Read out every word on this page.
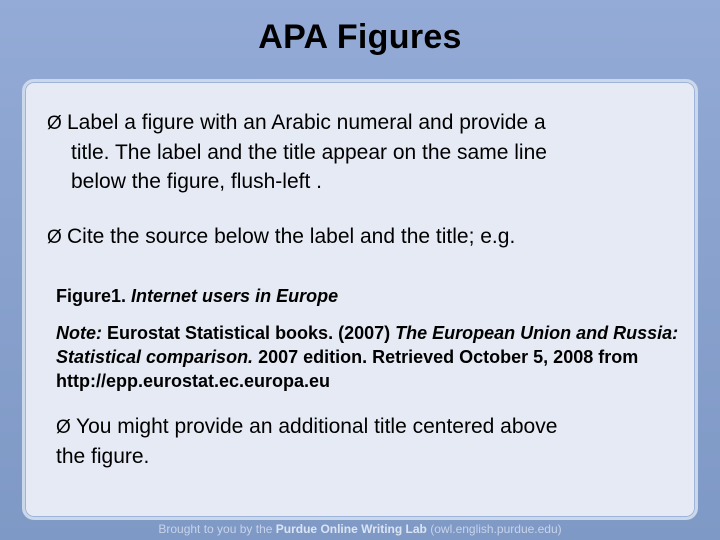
APA Figures
Ø Label a figure with an Arabic numeral and provide a
title. The label and the title appear on the same line
below the figure, flush-left .
Ø Cite the source below the label and the title; e.g.
Figure1. Internet users in Europe
Note: Eurostat Statistical books. (2007) The European Union and Russia: Statistical comparison. 2007 edition. Retrieved October 5, 2008 from http://epp.eurostat.ec.europa.eu
Ø You might provide an additional title centered above
the figure.
Brought to you by the Purdue Online Writing Lab (owl.english.purdue.edu)
